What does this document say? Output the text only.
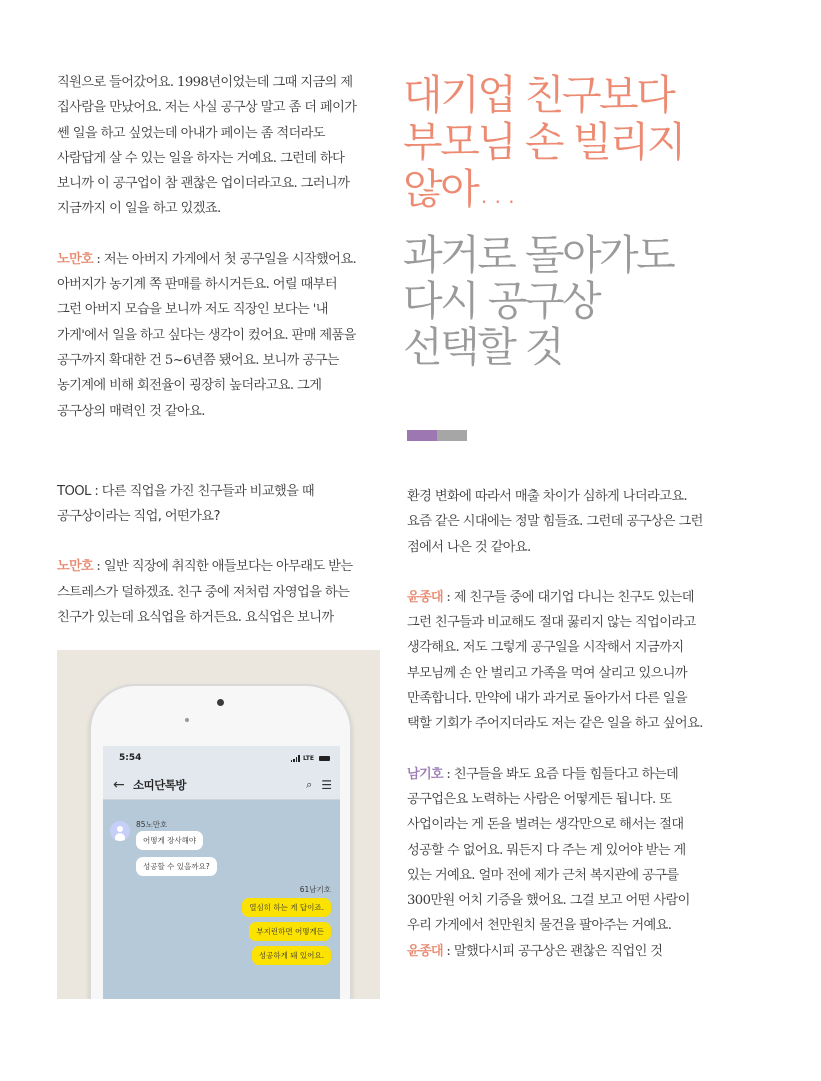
직원으로 들어갔어요. 1998년이었는데 그때 지금의 제

집사람을 만났어요. 저는 사실 공구상 말고 좀 더 페이가

쎈 일을 하고 싶었는데 아내가 페이는 좀 적더라도

사람답게 살 수 있는 일을 하자는 거예요. 그런데 하다

보니까 이 공구업이 참 괜찮은 업이더라고요. 그러니까

지금까지 이 일을 하고 있겠죠.

노만호 : 저는 아버지 가게에서 첫 공구일을 시작했어요.

아버지가 농기계 쪽 판매를 하시거든요. 어릴 때부터

그런 아버지 모습을 보니까 저도 직장인 보다는 '내

가게'에서 일을 하고 싶다는 생각이 컸어요. 판매 제품을

공구까지 확대한 건 5~6년쯤 됐어요. 보니까 공구는

농기계에 비해 회전율이 굉장히 높더라고요. 그게

공구상의 매력인 것 같아요.

TOOL : 다른 직업을 가진 친구들과 비교했을 때

공구상이라는 직업, 어떤가요?

노만호 : 일반 직장에 취직한 애들보다는 아무래도 받는

스트레스가 덜하겠죠. 친구 중에 저처럼 자영업을 하는

친구가 있는데 요식업을 하거든요. 요식업은 보니까

대기업 친구보다
부모님 손 빌리지
않아…
과거로 돌아가도
다시 공구상
선택할 것

환경 변화에 따라서 매출 차이가 심하게 나더라고요.

요즘 같은 시대에는 정말 힘들죠. 그런데 공구상은 그런

점에서 나은 것 같아요.

윤종대 : 제 친구들 중에 대기업 다니는 친구도 있는데

그런 친구들과 비교해도 절대 꿇리지 않는 직업이라고

생각해요. 저도 그렇게 공구일을 시작해서 지금까지

부모님께 손 안 벌리고 가족을 먹여 살리고 있으니까

만족합니다. 만약에 내가 과거로 돌아가서 다른 일을

택할 기회가 주어지더라도 저는 같은 일을 하고 싶어요.

남기호 : 친구들을 봐도 요즘 다들 힘들다고 하는데

공구업은요 노력하는 사람은 어떻게든 됩니다. 또

사업이라는 게 돈을 벌려는 생각만으로 해서는 절대

성공할 수 없어요. 뭐든지 다 주는 게 있어야 받는 게

있는 거예요. 얼마 전에 제가 근처 복지관에 공구를

300만원 어치 기증을 했어요. 그걸 보고 어떤 사람이

우리 가게에서 천만원치 물건을 팔아주는 거예요.

윤종대 : 말했다시피 공구상은 괜찮은 직업인 것

5:54	LTE
← 소띠단톡방	⌕ ☰
85노만호
어떻게 장사해야
성공할 수 있을까요?
61남기호
열심히 하는 게 답이죠.
부지런하면 어떻게든
성공하게 돼 있어요.
